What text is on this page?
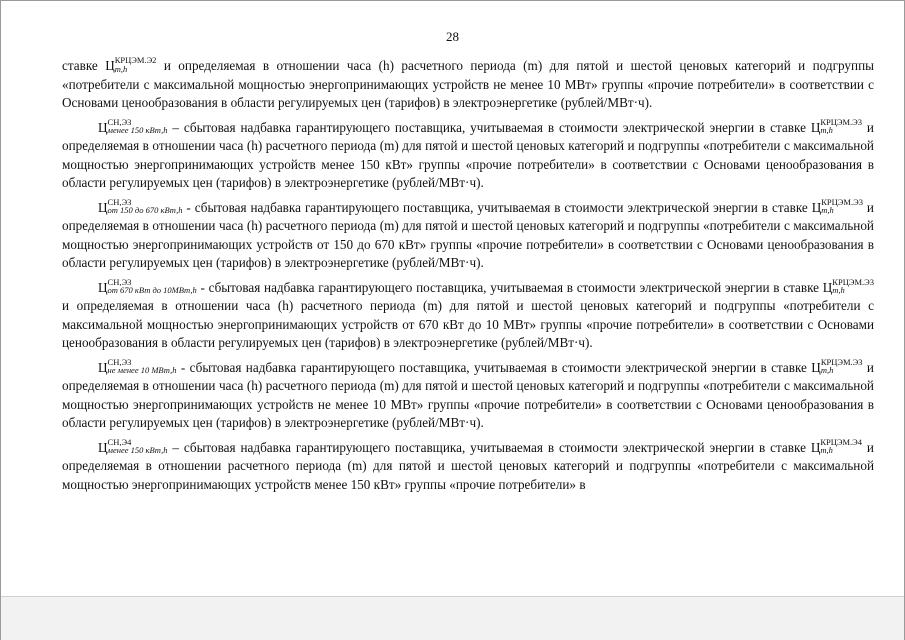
28

ставке Ц КРЦЭМ.Э2
m,h	и определяемая в отношении часа (h) расчетного периода (m) для пятой и шестой ценовых категорий и подгруппы «потребители с максимальной мощностью энергопринимающих устройств не менее 10 МВт» группы «прочие потребители» в соответствии с Основами ценообразования в области регулируемых цен (тарифов) в электроэнергетике (рублей/МВт·ч).

Ц СН,Э3
менее 150 кВт,h – сбытовая надбавка гарантирующего поставщика, учитываемая в стоимости электрической энергии в ставке Ц КРЦЭМ.Э3
m,h	и определяемая в отношении часа (h) расчетного периода (m) для пятой и шестой ценовых категорий и подгруппы «потребители с максимальной мощностью энергопринимающих устройств менее 150 кВт» группы «прочие потребители» в соответствии с Основами ценообразования в области регулируемых цен (тарифов) в электроэнергетике (рублей/МВт·ч).

Ц СН,Э3
от 150 до 670 кВт,h - сбытовая надбавка гарантирующего поставщика, учитываемая в стоимости электрической энергии в ставке Ц КРЦЭМ.Э3
m,h	и определяемая в отношении часа (h) расчетного периода (m) для пятой и шестой ценовых категорий и подгруппы «потребители с максимальной мощностью энергопринимающих устройств от 150 до 670 кВт» группы «прочие потребители» в соответствии с Основами ценообразования в области регулируемых цен (тарифов) в электроэнергетике (рублей/МВт·ч).

Ц СН,Э3
от 670 кВт до 10МВт,h - сбытовая надбавка гарантирующего поставщика, учитываемая в стоимости электрической энергии в ставке Ц КРЦЭМ.Э3
m,h
и определяемая в отношении часа (h) расчетного периода (m) для пятой и шестой ценовых категорий и подгруппы «потребители с максимальной мощностью энергопринимающих устройств от 670 кВт до 10 МВт» группы «прочие потребители» в соответствии с Основами ценообразования в области регулируемых цен (тарифов) в электроэнергетике (рублей/МВт·ч).

Ц СН,Э3
не менее 10 МВт,h - сбытовая надбавка гарантирующего поставщика, учитываемая в стоимости электрической энергии в ставке Ц КРЦЭМ.Э3
m,h	и определяемая в отношении часа (h) расчетного периода (m) для пятой и шестой ценовых категорий и подгруппы «потребители с максимальной мощностью энергопринимающих устройств не менее 10 МВт» группы «прочие потребители» в соответствии с Основами ценообразования в области регулируемых цен (тарифов) в электроэнергетике (рублей/МВт·ч).

Ц СН,Э4
менее 150 кВт,h – сбытовая надбавка гарантирующего поставщика, учитываемая в стоимости электрической энергии в ставке Ц КРЦЭМ.Э4
m,h	и определяемая в отношении расчетного периода (m) для пятой и шестой ценовых категорий и подгруппы «потребители с максимальной мощностью энергопринимающих устройств менее 150 кВт» группы «прочие потребители» в
